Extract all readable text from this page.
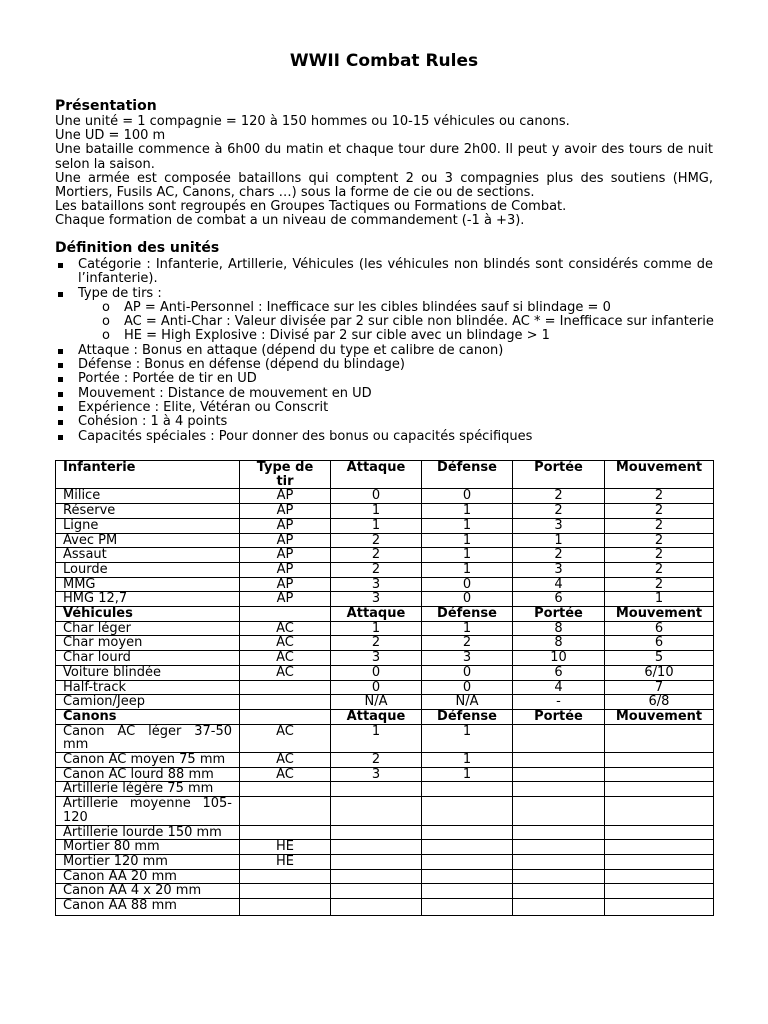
WWII Combat Rules
Présentation

Une unité = 1 compagnie = 120 à 150 hommes ou 10-15 véhicules ou canons.

Une UD = 100 m

Une bataille commence à 6h00 du matin et chaque tour dure 2h00. Il peut y avoir des tours de nuit selon la saison.

Une armée est composée bataillons qui comptent 2 ou 3 compagnies plus des soutiens (HMG, Mortiers, Fusils AC, Canons, chars …) sous la forme de cie ou de sections.

Les bataillons sont regroupés en Groupes Tactiques ou Formations de Combat.

Chaque formation de combat a un niveau de commandement (-1 à +3).

Définition des unités
Catégorie : Infanterie, Artillerie, Véhicules (les véhicules non blindés sont considérés comme de l’infanterie).
Type de tirs :
o AP = Anti-Personnel : Inefficace sur les cibles blindées sauf si blindage = 0
o AC = Anti-Char : Valeur divisée par 2 sur cible non blindée. AC * = Inefficace sur infanterie
o HE = High Explosive : Divisé par 2 sur cible avec un blindage > 1
Attaque : Bonus en attaque (dépend du type et calibre de canon)
Défense : Bonus en défense (dépend du blindage)
Portée : Portée de tir en UD
Mouvement : Distance de mouvement en UD
Expérience : Elite, Vétéran ou Conscrit
Cohésion : 1 à 4 points
Capacités spéciales : Pour donner des bonus ou capacités spécifiques
Infanterie	Type de tir	Attaque	Défense	Portée	Mouvement
Milice	AP	0	0	2	2
Réserve	AP	1	1	2	2
Ligne	AP	1	1	3	2
Avec PM	AP	2	1	1	2
Assaut	AP	2	1	2	2
Lourde	AP	2	1	3	2
MMG	AP	3	0	4	2
HMG 12,7	AP	3	0	6	1
Véhicules		Attaque	Défense	Portée	Mouvement
Char léger	AC	1	1	8	6
Char moyen	AC	2	2	8	6
Char lourd	AC	3	3	10	5
Voiture blindée	AC	0	0	6	6/10
Half-track		0	0	4	7
Camion/Jeep		N/A	N/A	-	6/8
Canons		Attaque	Défense	Portée	Mouvement
Canon AC léger 37-50 mm	AC	1	1		
Canon AC moyen 75 mm	AC	2	1		
Canon AC lourd 88 mm	AC	3	1		
Artillerie légère 75 mm					
Artillerie moyenne 105-120					
Artillerie lourde 150 mm					
Mortier 80 mm	HE				
Mortier 120 mm	HE				
Canon AA 20 mm					
Canon AA 4 x 20 mm					
Canon AA 88 mm					
